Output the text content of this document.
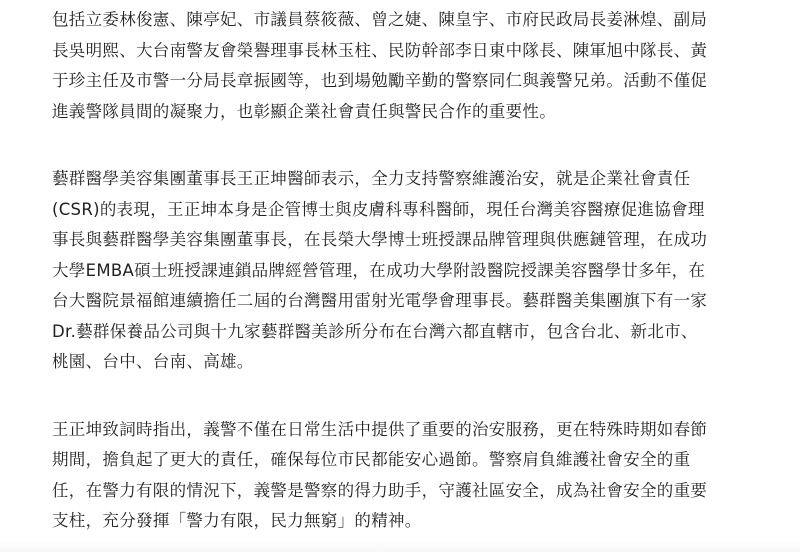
包括立委林俊憲、陳亭妃、市議員蔡筱薇、曾之婕、陳皇宇、市府民政局長姜淋煌、副局
長吳明熙、大台南警友會榮譽理事長林玉柱、民防幹部李日東中隊長、陳軍旭中隊長、黃
于珍主任及市警一分局長章振國等，也到場勉勵辛勤的警察同仁與義警兄弟。活動不僅促
進義警隊員間的凝聚力，也彰顯企業社會責任與警民合作的重要性。

藝群醫學美容集團董事長王正坤醫師表示，全力支持警察維護治安，就是企業社會責任
(CSR)的表現，王正坤本身是企管博士與皮膚科專科醫師，現任台灣美容醫療促進協會理
事長與藝群醫學美容集團董事長，在長榮大學博士班授課品牌管理與供應鏈管理，在成功
大學EMBA碩士班授課連鎖品牌經營管理，在成功大學附設醫院授課美容醫學廿多年，在
台大醫院景福館連續擔任二屆的台灣醫用雷射光電學會理事長。藝群醫美集團旗下有一家
Dr.藝群保養品公司與十九家藝群醫美診所分布在台灣六都直轄市，包含台北、新北市、
桃園、台中、台南、高雄。

王正坤致詞時指出，義警不僅在日常生活中提供了重要的治安服務，更在特殊時期如春節
期間，擔負起了更大的責任，確保每位市民都能安心過節。警察肩負維護社會安全的重
任，在警力有限的情況下，義警是警察的得力助手，守護社區安全，成為社會安全的重要
支柱，充分發揮「警力有限，民力無窮」的精神。
